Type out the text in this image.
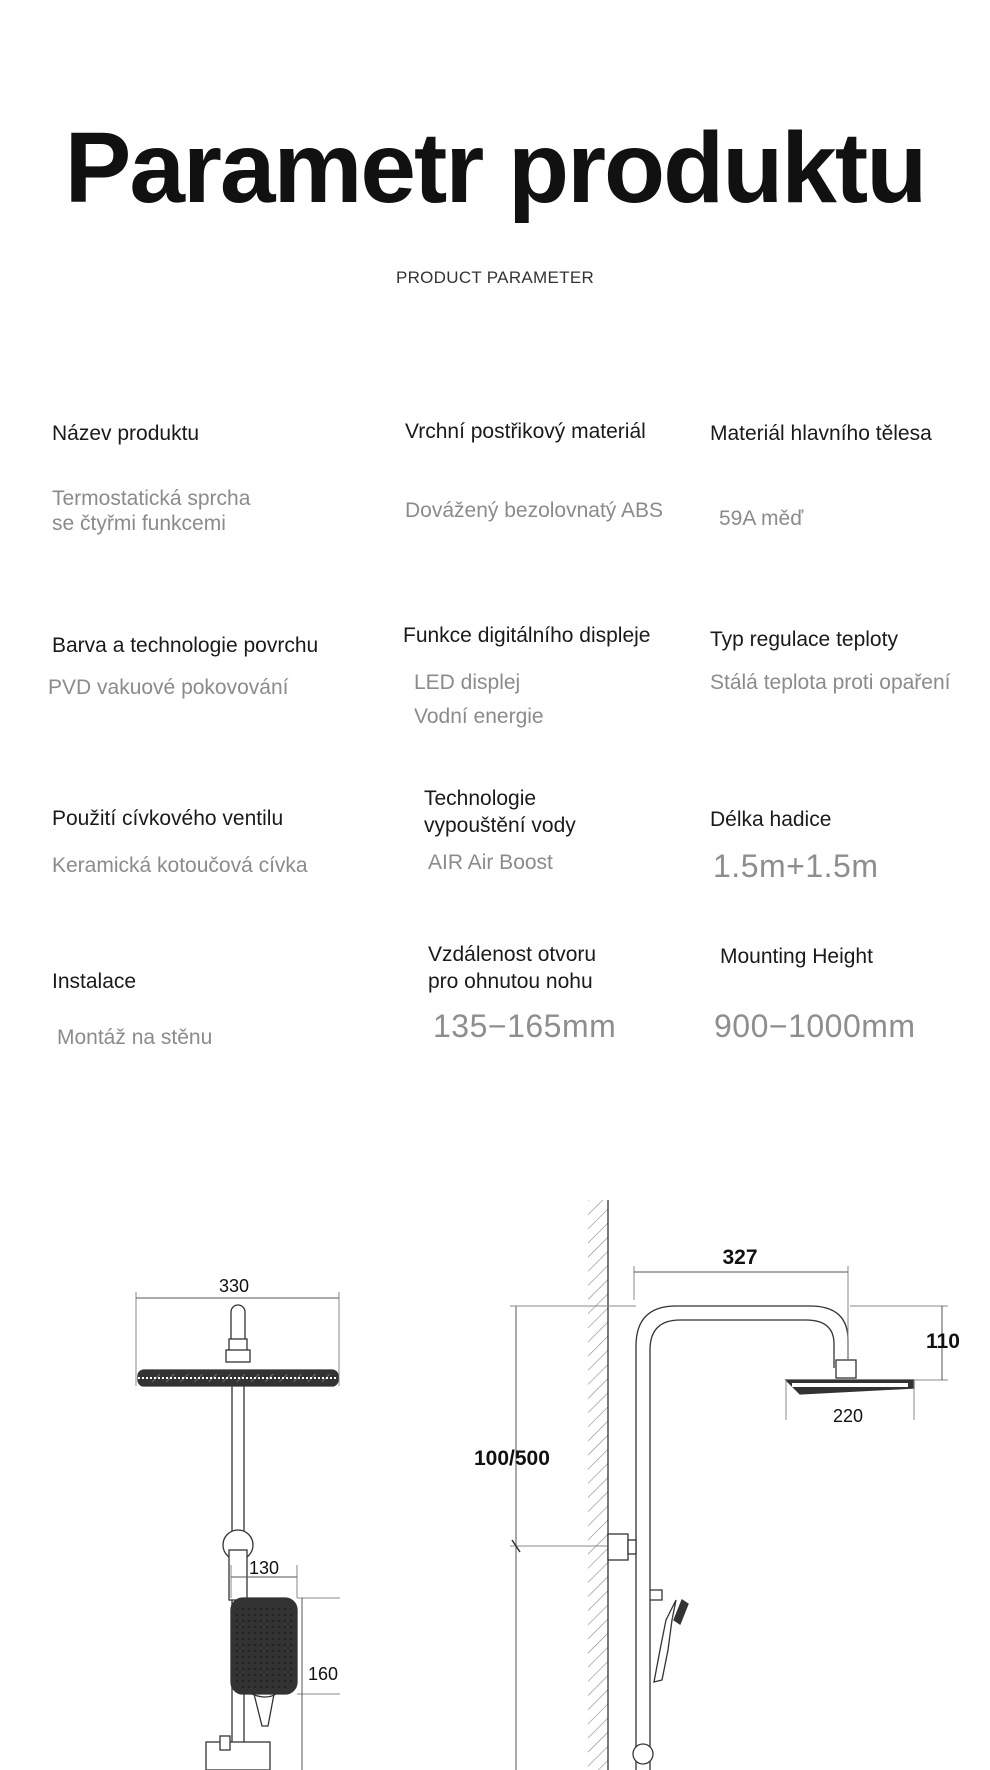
Parametr produktu
PRODUCT PARAMETER
Název produktu
Termostatická sprcha
se čtyřmi funkcemi
Vrchní postřikový materiál
Dovážený bezolovnatý ABS
Materiál hlavního tělesa
59A měď
Barva a technologie povrchu
PVD vakuové pokovování
Funkce digitálního displeje
LED displej
Vodní energie
Typ regulace teploty
Stálá teplota proti opaření
Použití cívkového ventilu
Keramická kotoučová cívka
Technologie
vypouštění vody
AIR Air Boost
Délka hadice
1.5m+1.5m
Instalace
Montáž na stěnu
Vzdálenost otvoru
pro ohnutou nohu
135−165mm
Mounting Height
900−1000mm
330
130
160
327
110
220
100/500
